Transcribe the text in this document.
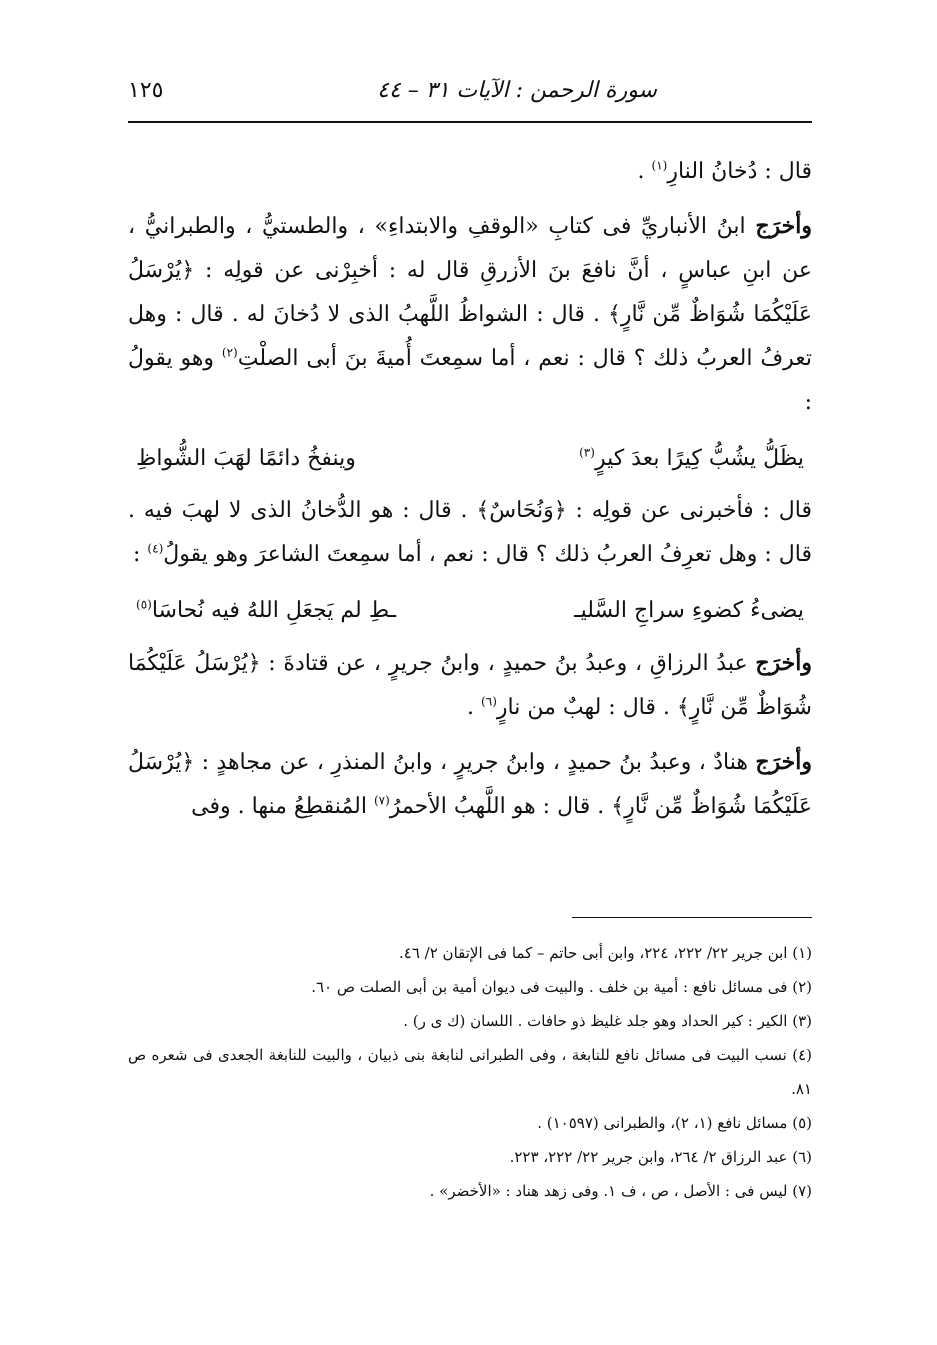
سورة الرحمن : الآيات ٣١ – ٤٤
١٢٥

قال : دُخانُ النارِ$^{(١)}$ .

وأخرَج ابنُ الأنباريِّ فى كتابِ «الوقفِ والابتداءِ» ، والطستيُّ ، والطبرانيُّ ، عن ابنِ عباسٍ ، أنَّ نافعَ بنَ الأزرقِ قال له : أخبِرْنى عن قولِه : ﴿يُرْسَلُ عَلَيْكُمَا شُوَاظٌ مِّن نَّارٍ﴾ . قال : الشواظُ اللَّهبُ الذى لا دُخانَ له . قال : وهل تعرفُ العربُ ذلك ؟ قال : نعم ، أما سمِعتَ أُميةَ بنَ أبى الصلْتِ$^{(٢)}$ وهو يقولُ :

يظَلُّ يشُبُّ كِيرًا بعدَ كيرٍ$^{(٣)}$
وينفخُ دائمًا لهَبَ الشُّواظِ

قال : فأخبرنى عن قولِه : ﴿وَنُحَاسٌ﴾ . قال : هو الدُّخانُ الذى لا لهبَ فيه . قال : وهل تعرِفُ العربُ ذلك ؟ قال : نعم ، أما سمِعتَ الشاعرَ وهو يقولُ$^{(٤)}$ :

يضىءُ كضوءِ سراجِ السَّليـ
ـطِ لم يَجعَلِ اللهُ فيه نُحاسَا$^{(٥)}$

وأخرَج عبدُ الرزاقِ ، وعبدُ بنُ حميدٍ ، وابنُ جريرٍ ، عن قتادةَ : ﴿يُرْسَلُ عَلَيْكُمَا شُوَاظٌ مِّن نَّارٍ﴾ . قال : لهبٌ من نارٍ$^{(٦)}$ .

وأخرَج هنادٌ ، وعبدُ بنُ حميدٍ ، وابنُ جريرٍ ، وابنُ المنذرِ ، عن مجاهدٍ : ﴿يُرْسَلُ عَلَيْكُمَا شُوَاظٌ مِّن نَّارٍ﴾ . قال : هو اللَّهبُ الأحمرُ$^{(٧)}$ المُنقطِعُ منها . وفى

(١) ابن جرير ٢٢/ ٢٢٢، ٢٢٤، وابن أبى حاتم – كما فى الإتقان ٢/ ٤٦.

(٢) فى مسائل نافع : أمية بن خلف . والبيت فى ديوان أمية بن أبى الصلت ص ٦٠.

(٣) الكير : كير الحداد وهو جلد غليظ ذو حافات . اللسان (ك ى ر) .

(٤) نسب البيت فى مسائل نافع للنابغة ، وفى الطبرانى لنابغة بنى ذبيان ، والبيت للنابغة الجعدى فى شعره ص ٨١.

(٥) مسائل نافع (١، ٢)، والطبرانى (١٠٥٩٧) .

(٦) عبد الرزاق ٢/ ٢٦٤، وابن جرير ٢٢/ ٢٢٢، ٢٢٣.

(٧) ليس فى : الأصل ، ص ، ف ١. وفى زهد هناد : «الأخضر» .
